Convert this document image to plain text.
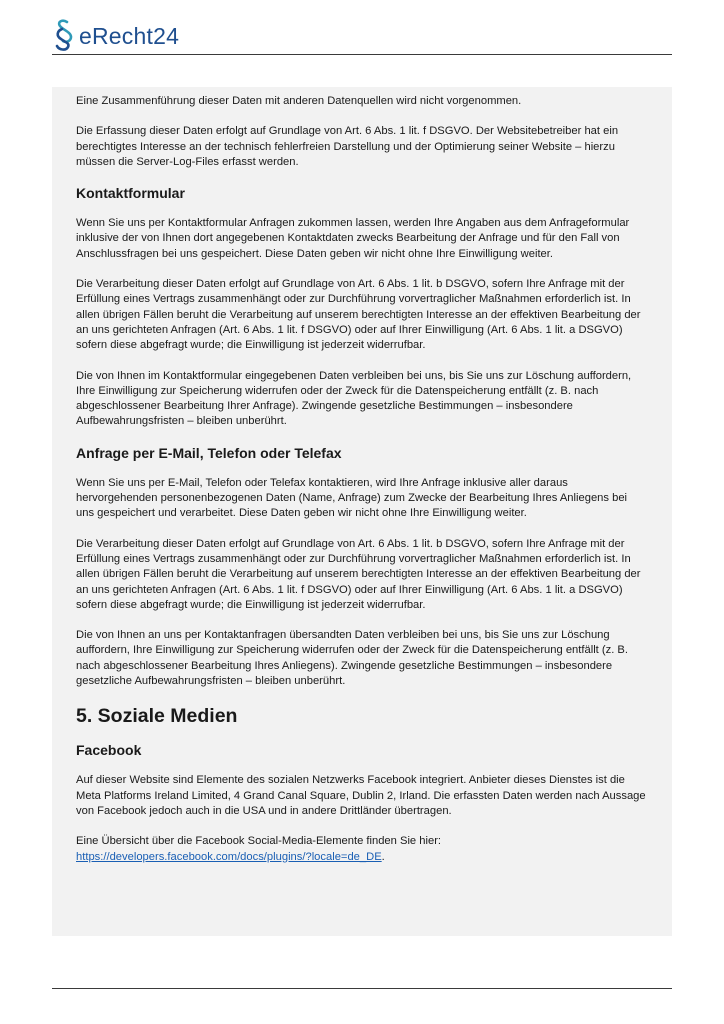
eRecht24

Eine Zusammenführung dieser Daten mit anderen Datenquellen wird nicht vorgenommen.

Die Erfassung dieser Daten erfolgt auf Grundlage von Art. 6 Abs. 1 lit. f DSGVO. Der Websitebetreiber hat ein berechtigtes Interesse an der technisch fehlerfreien Darstellung und der Optimierung seiner Website – hierzu müssen die Server-Log-Files erfasst werden.

Kontaktformular

Wenn Sie uns per Kontaktformular Anfragen zukommen lassen, werden Ihre Angaben aus dem Anfrageformular inklusive der von Ihnen dort angegebenen Kontaktdaten zwecks Bearbeitung der Anfrage und für den Fall von Anschlussfragen bei uns gespeichert. Diese Daten geben wir nicht ohne Ihre Einwilligung weiter.

Die Verarbeitung dieser Daten erfolgt auf Grundlage von Art. 6 Abs. 1 lit. b DSGVO, sofern Ihre Anfrage mit der Erfüllung eines Vertrags zusammenhängt oder zur Durchführung vorvertraglicher Maßnahmen erforderlich ist. In allen übrigen Fällen beruht die Verarbeitung auf unserem berechtigten Interesse an der effektiven Bearbeitung der an uns gerichteten Anfragen (Art. 6 Abs. 1 lit. f DSGVO) oder auf Ihrer Einwilligung (Art. 6 Abs. 1 lit. a DSGVO) sofern diese abgefragt wurde; die Einwilligung ist jederzeit widerrufbar.

Die von Ihnen im Kontaktformular eingegebenen Daten verbleiben bei uns, bis Sie uns zur Löschung auffordern, Ihre Einwilligung zur Speicherung widerrufen oder der Zweck für die Datenspeicherung entfällt (z. B. nach abgeschlossener Bearbeitung Ihrer Anfrage). Zwingende gesetzliche Bestimmungen – insbesondere Aufbewahrungsfristen – bleiben unberührt.

Anfrage per E-Mail, Telefon oder Telefax

Wenn Sie uns per E-Mail, Telefon oder Telefax kontaktieren, wird Ihre Anfrage inklusive aller daraus hervorgehenden personenbezogenen Daten (Name, Anfrage) zum Zwecke der Bearbeitung Ihres Anliegens bei uns gespeichert und verarbeitet. Diese Daten geben wir nicht ohne Ihre Einwilligung weiter.

Die Verarbeitung dieser Daten erfolgt auf Grundlage von Art. 6 Abs. 1 lit. b DSGVO, sofern Ihre Anfrage mit der Erfüllung eines Vertrags zusammenhängt oder zur Durchführung vorvertraglicher Maßnahmen erforderlich ist. In allen übrigen Fällen beruht die Verarbeitung auf unserem berechtigten Interesse an der effektiven Bearbeitung der an uns gerichteten Anfragen (Art. 6 Abs. 1 lit. f DSGVO) oder auf Ihrer Einwilligung (Art. 6 Abs. 1 lit. a DSGVO) sofern diese abgefragt wurde; die Einwilligung ist jederzeit widerrufbar.

Die von Ihnen an uns per Kontaktanfragen übersandten Daten verbleiben bei uns, bis Sie uns zur Löschung auffordern, Ihre Einwilligung zur Speicherung widerrufen oder der Zweck für die Datenspeicherung entfällt (z. B. nach abgeschlossener Bearbeitung Ihres Anliegens). Zwingende gesetzliche Bestimmungen – insbesondere gesetzliche Aufbewahrungsfristen – bleiben unberührt.

5. Soziale Medien
Facebook

Auf dieser Website sind Elemente des sozialen Netzwerks Facebook integriert. Anbieter dieses Dienstes ist die Meta Platforms Ireland Limited, 4 Grand Canal Square, Dublin 2, Irland. Die erfassten Daten werden nach Aussage von Facebook jedoch auch in die USA und in andere Drittländer übertragen.

Eine Übersicht über die Facebook Social-Media-Elemente finden Sie hier:
https://developers.facebook.com/docs/plugins/?locale=de_DE.
